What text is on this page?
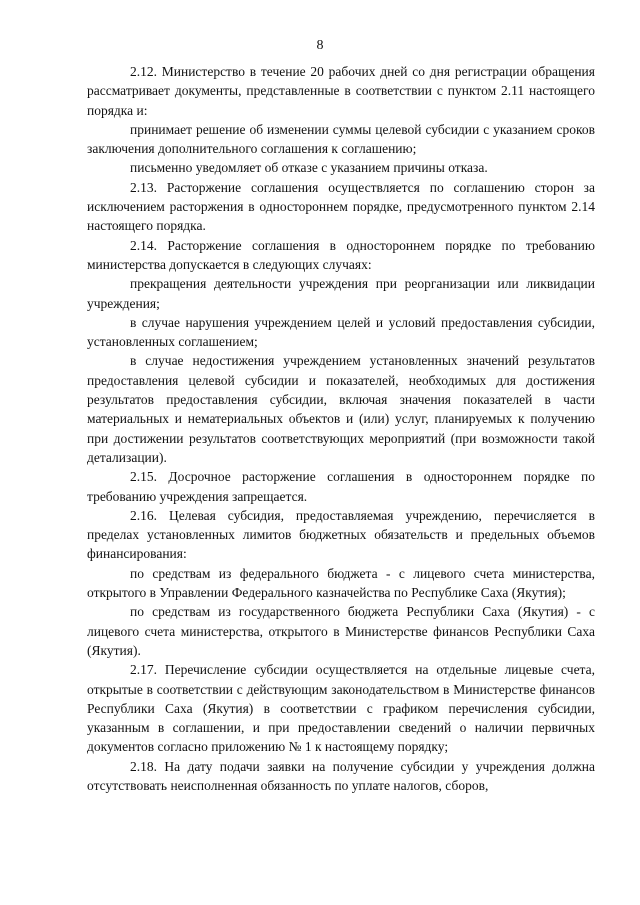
8

2.12. Министерство в течение 20 рабочих дней со дня регистрации обращения рассматривает документы, представленные в соответствии с пунктом 2.11 настоящего порядка и:

принимает решение об изменении суммы целевой субсидии с указанием сроков заключения дополнительного соглашения к соглашению;

письменно уведомляет об отказе с указанием причины отказа.

2.13. Расторжение соглашения осуществляется по соглашению сторон за исключением расторжения в одностороннем порядке, предусмотренного пунктом 2.14 настоящего порядка.

2.14. Расторжение соглашения в одностороннем порядке по требованию министерства допускается в следующих случаях:

прекращения деятельности учреждения при реорганизации или ликвидации учреждения;

в случае нарушения учреждением целей и условий предоставления субсидии, установленных соглашением;

в случае недостижения учреждением установленных значений результатов предоставления целевой субсидии и показателей, необходимых для достижения результатов предоставления субсидии, включая значения показателей в части материальных и нематериальных объектов и (или) услуг, планируемых к получению при достижении результатов соответствующих мероприятий (при возможности такой детализации).

2.15. Досрочное расторжение соглашения в одностороннем порядке по требованию учреждения запрещается.

2.16. Целевая субсидия, предоставляемая учреждению, перечисляется в пределах установленных лимитов бюджетных обязательств и предельных объемов финансирования:

по средствам из федерального бюджета - с лицевого счета министерства, открытого в Управлении Федерального казначейства по Республике Саха (Якутия);

по средствам из государственного бюджета Республики Саха (Якутия) - с лицевого счета министерства, открытого в Министерстве финансов Республики Саха (Якутия).

2.17. Перечисление субсидии осуществляется на отдельные лицевые счета, открытые в соответствии с действующим законодательством в Министерстве финансов Республики Саха (Якутия) в соответствии с графиком перечисления субсидии, указанным в соглашении, и при предоставлении сведений о наличии первичных документов согласно приложению № 1 к настоящему порядку;

2.18. На дату подачи заявки на получение субсидии у учреждения должна отсутствовать неисполненная обязанность по уплате налогов, сборов,
